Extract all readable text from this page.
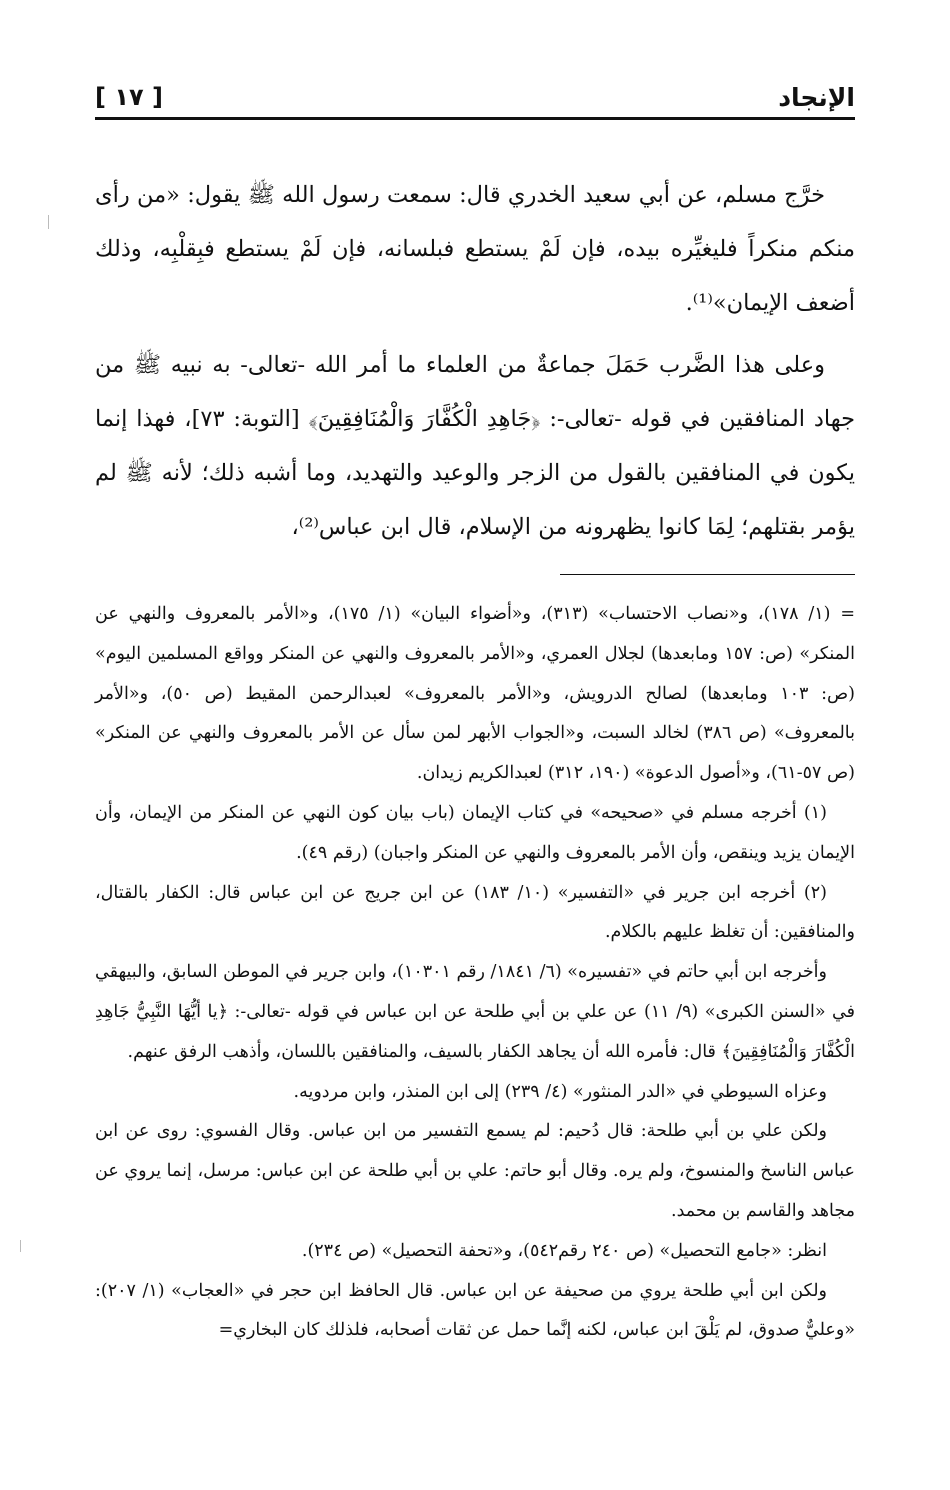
الإنجاد
[ ١٧ ]

خرَّج مسلم، عن أبي سعيد الخدري قال: سمعت رسول الله ﷺ يقول: «من رأى منكم منكراً فليغيِّره بيده، فإن لَمْ يستطع فبلسانه، فإن لَمْ يستطع فبِقلْبِه، وذلك أضعف الإيمان»⁽¹⁾.

وعلى هذا الضَّرب حَمَلَ جماعةٌ من العلماء ما أمر الله -تعالى- به نبيه ﷺ من جهاد المنافقين في قوله -تعالى-: ﴿جَاهِدِ الْكُفَّارَ وَالْمُنَافِقِينَ﴾ [التوبة: ٧٣]، فهذا إنما يكون في المنافقين بالقول من الزجر والوعيد والتهديد، وما أشبه ذلك؛ لأنه ﷺ لم يؤمر بقتلهم؛ لِمَا كانوا يظهرونه من الإسلام، قال ابن عباس⁽²⁾،

= (١/ ١٧٨)، و«نصاب الاحتساب» (٣١٣)، و«أضواء البيان» (١/ ١٧٥)، و«الأمر بالمعروف والنهي عن المنكر» (ص: ١٥٧ ومابعدها) لجلال العمري، و«الأمر بالمعروف والنهي عن المنكر وواقع المسلمين اليوم» (ص: ١٠٣ ومابعدها) لصالح الدرويش، و«الأمر بالمعروف» لعبدالرحمن المقيط (ص ٥٠)، و«الأمر بالمعروف» (ص ٣٨٦) لخالد السبت، و«الجواب الأبهر لمن سأل عن الأمر بالمعروف والنهي عن المنكر» (ص ٥٧-٦١)، و«أصول الدعوة» (١٩٠، ٣١٢) لعبدالكريم زيدان.

(١) أخرجه مسلم في «صحيحه» في كتاب الإيمان (باب بيان كون النهي عن المنكر من الإيمان، وأن الإيمان يزيد وينقص، وأن الأمر بالمعروف والنهي عن المنكر واجبان) (رقم ٤٩).

(٢) أخرجه ابن جرير في «التفسير» (١٠/ ١٨٣) عن ابن جريج عن ابن عباس قال: الكفار بالقتال، والمنافقين: أن تغلظ عليهم بالكلام.

وأخرجه ابن أبي حاتم في «تفسيره» (٦/ ١٨٤١/ رقم ١٠٣٠١)، وابن جرير في الموطن السابق، والبيهقي في «السنن الكبرى» (٩/ ١١) عن علي بن أبي طلحة عن ابن عباس في قوله -تعالى-: ﴿يا أيُّهَا النَّبِيُّ جَاهِدِ الْكُفَّارَ وَالْمُنَافِقِينَ﴾ قال: فأمره الله أن يجاهد الكفار بالسيف، والمنافقين باللسان، وأذهب الرفق عنهم.

وعزاه السيوطي في «الدر المنثور» (٤/ ٢٣٩) إلى ابن المنذر، وابن مردويه.

ولكن علي بن أبي طلحة: قال دُحيم: لم يسمع التفسير من ابن عباس. وقال الفسوي: روى عن ابن عباس الناسخ والمنسوخ، ولم يره. وقال أبو حاتم: علي بن أبي طلحة عن ابن عباس: مرسل، إنما يروي عن مجاهد والقاسم بن محمد.

انظر: «جامع التحصيل» (ص ٢٤٠ رقم٥٤٢)، و«تحفة التحصيل» (ص ٢٣٤).

ولكن ابن أبي طلحة يروي من صحيفة عن ابن عباس. قال الحافظ ابن حجر في «العجاب» (١/ ٢٠٧): «وعليٌّ صدوق، لم يَلْقَ ابن عباس، لكنه إنَّما حمل عن ثقات أصحابه، فلذلك كان البخاري=
